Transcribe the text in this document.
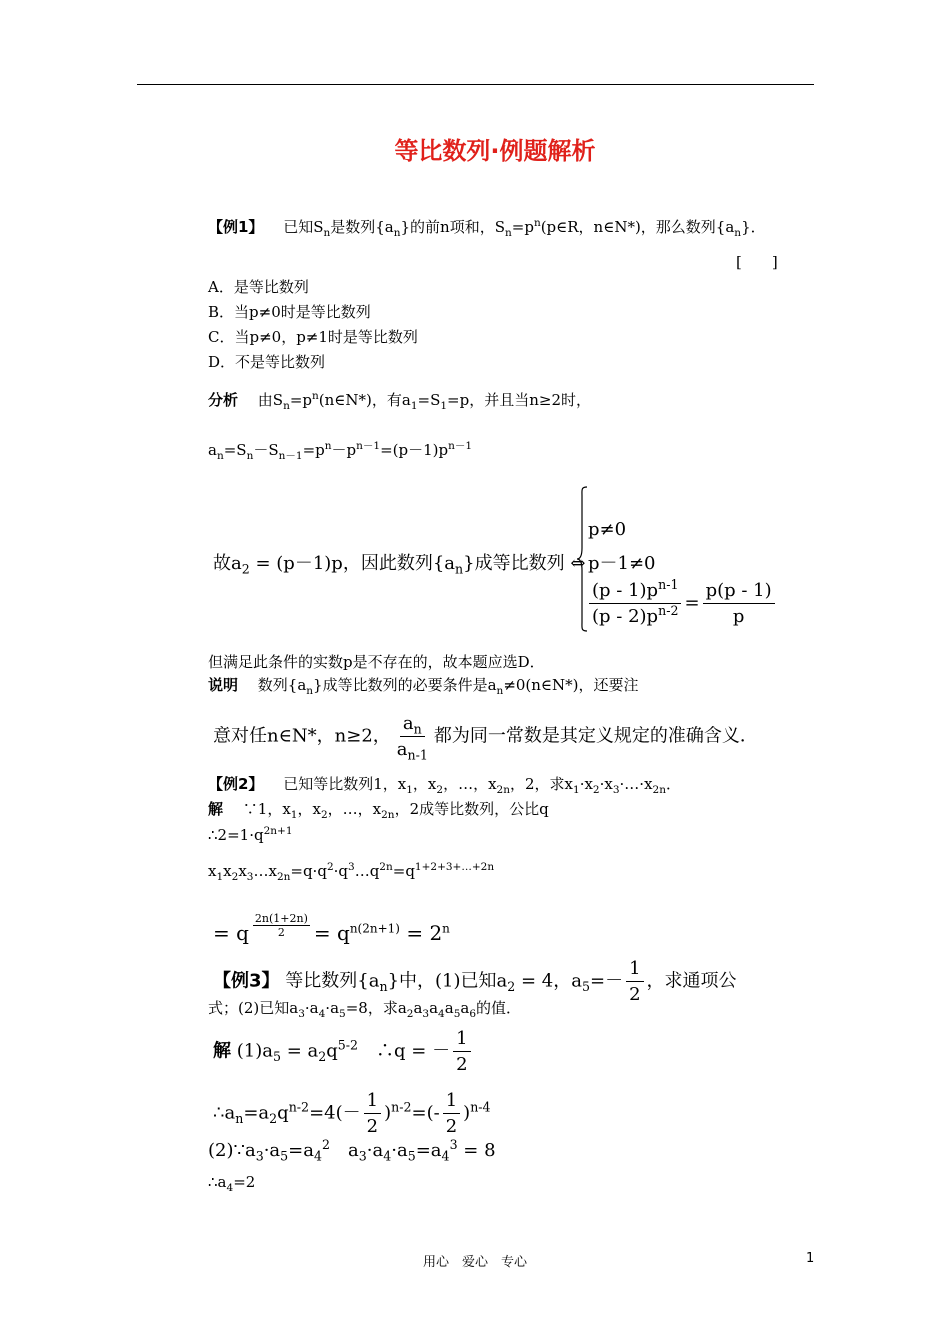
等比数列·例题解析
【例1】 　已知$S_n$是数列$\{a_n\}$的前n项和，$S_n=p^n(p\in R$，n∈N*)，那么数列$\{a_n\}$．
[　　]
A．是等比数列
B．当p≠0时是等比数列
C．当p≠0，p≠1时是等比数列
D．不是等比数列
分析 　由$S_n=p^n(n\in N*)$，有$a_1=S_1=p$，并且当n≥2时，
$a_n=S_n-S_{n-1}=p^n-p^{n-1}=(p-1)p^{n-1}$
故$a_2 = (p-1)p$，因此数列$\{a_n\}$成等比数列 ⇔
p≠0
p－1≠0
$\frac{(p - 1)p^{n-1}}{(p - 2)p^{n-2}} = \frac{p(p - 1)}{p}$
但满足此条件的实数p是不存在的，故本题应选D．
说明 　数列$\{a_n\}$成等比数列的必要条件是$a_n\ne 0(n\in N*)$，还要注
意对任n∈N*，n≥2， $\frac{a_n}{a_{n-1}}$ 都为同一常数是其定义规定的准确含义．
【例2】 　已知等比数列1，$x_1$，$x_2$，…，$x_{2n}$，2，求$x_1\cdot x_2\cdot x_3\cdot\dots\cdot x_{2n}$．
解 　∵1，$x_1$，$x_2$，…，$x_{2n}$，2成等比数列，公比q
$\therefore 2=1\cdot q^{2n+1}$
$x_1x_2x_3\dots x_{2n}=q\cdot q^2\cdot q^3\dots q^{2n}=q^{1+2+3+\dots+2n}$
= q $\frac{2n(1+2n)}{2} = q^{n(2n+1)} = 2^n$
【例3】 等比数列$\{a_n\}$中，(1)已知$a_2 = 4$，$a_5=- \frac{1}{2}$ ，求通项公
式；(2)已知$a_3\cdot a_4\cdot a_5=8$，求$a_2a_3a_4a_5a_6$的值．
解 $(1)a_5 = a_2q^{5-2}$　∴q = － $\frac{1}{2}$
$\therefore a_n=a_2q^{n-2}=4(- \frac{1}{2} )^{n-2}=(- \frac{1}{2} )^{n-4}$
$(2)\because a_3\cdot a_5=a_4^2$　$a_3\cdot a_4\cdot a_5=a_4^3 = 8$
$\therefore a_4=2$
用心　爱心　专心	1
